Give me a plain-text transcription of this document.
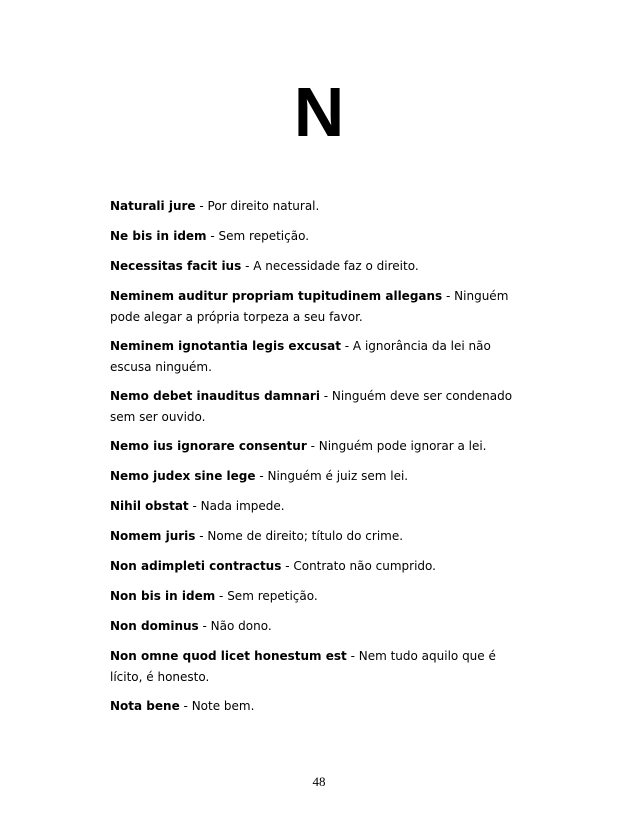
N

Naturali jure - Por direito natural.

Ne bis in idem - Sem repetição.

Necessitas facit ius - A necessidade faz o direito.

Neminem auditur propriam tupitudinem allegans - Ninguém pode alegar a própria torpeza a seu favor.

Neminem ignotantia legis excusat - A ignorância da lei não escusa ninguém.

Nemo debet inauditus damnari - Ninguém deve ser condenado sem ser ouvido.

Nemo ius ignorare consentur - Ninguém pode ignorar a lei.

Nemo judex sine lege - Ninguém é juiz sem lei.

Nihil obstat - Nada impede.

Nomem juris - Nome de direito; título do crime.

Non adimpleti contractus - Contrato não cumprido.

Non bis in idem - Sem repetição.

Non dominus - Não dono.

Non omne quod licet honestum est - Nem tudo aquilo que é lícito, é honesto.

Nota bene - Note bem.

48
